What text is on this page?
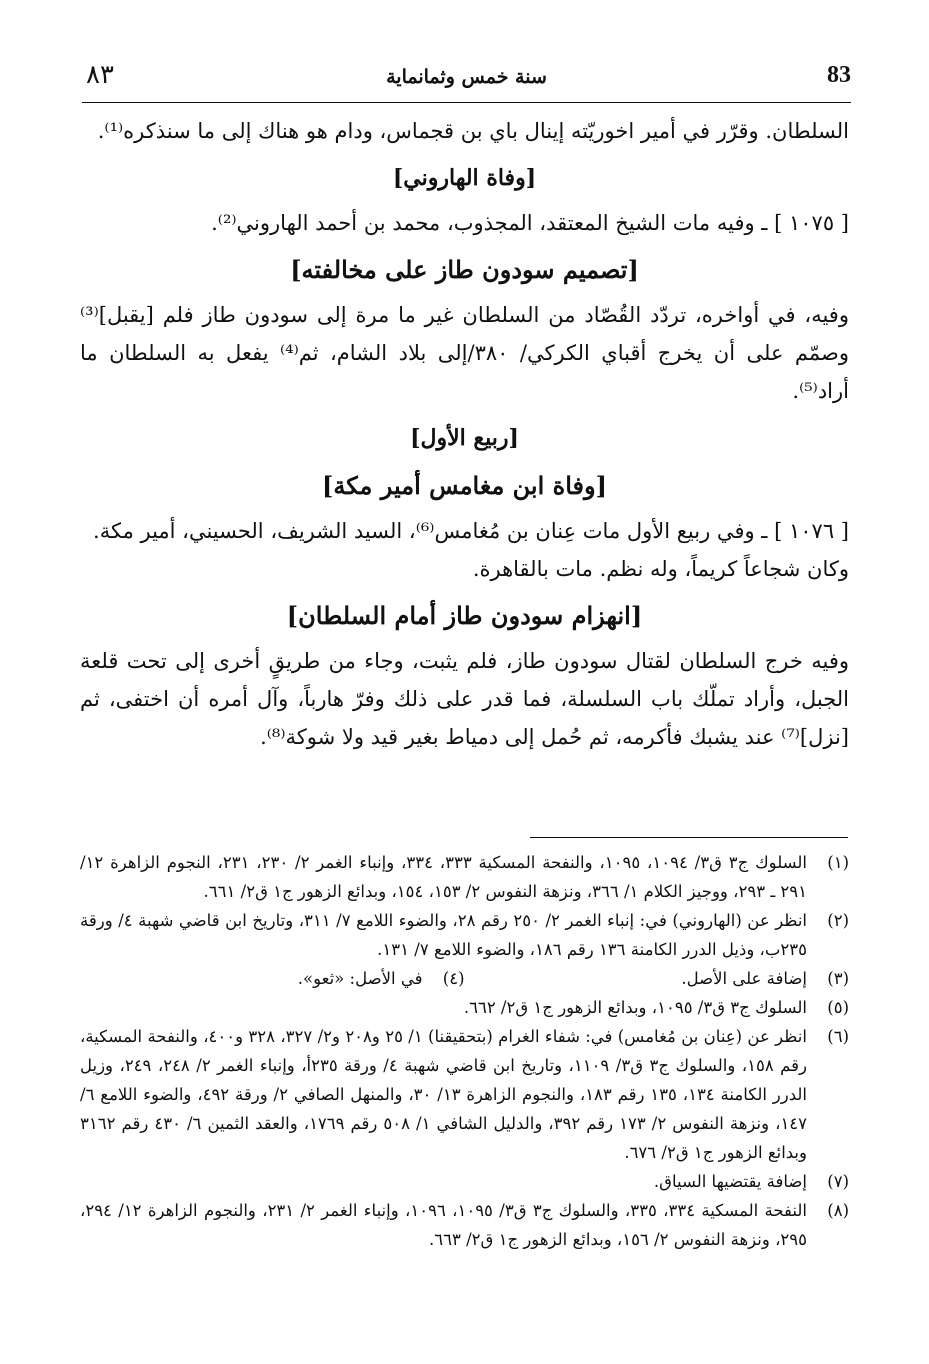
٨٣	سنة خمس وثمانماية	83

السلطان. وقرّر في أمير اخوريّته إينال باي بن قجماس، ودام هو هناك إلى ما سنذكره⁽¹⁾.

[وفاة الهاروني]

[ ١٠٧٥ ] ـ وفيه مات الشيخ المعتقد، المجذوب، محمد بن أحمد الهاروني⁽²⁾.

[تصميم سودون طاز على مخالفته]

وفيه، في أواخره، تردّد القُصّاد من السلطان غير ما مرة إلى سودون طاز فلم [يقبل]⁽³⁾ وصمّم على أن يخرج أقباي الكركي/ ٣٨٠/إلى بلاد الشام، ثم⁽⁴⁾ يفعل به السلطان ما أراد⁽⁵⁾.

[ربيع الأول]
[وفاة ابن مغامس أمير مكة]

[ ١٠٧٦ ] ـ وفي ربيع الأول مات عِنان بن مُغامس⁽⁶⁾، السيد الشريف، الحسيني، أمير مكة.

وكان شجاعاً كريماً، وله نظم. مات بالقاهرة.

[انهزام سودون طاز أمام السلطان]

وفيه خرج السلطان لقتال سودون طاز، فلم يثبت، وجاء من طريقٍ أخرى إلى تحت قلعة الجبل، وأراد تملّك باب السلسلة، فما قدر على ذلك وفرّ هارباً، وآل أمره أن اختفى، ثم [نزل]⁽⁷⁾ عند يشبك فأكرمه، ثم حُمل إلى دمياط بغير قيد ولا شوكة⁽⁸⁾.

(١)
السلوك ج٣ ق٣/ ١٠٩٤، ١٠٩٥، والنفحة المسكية ٣٣٣، ٣٣٤، وإنباء الغمر ٢/ ٢٣٠، ٢٣١، النجوم الزاهرة ١٢/ ٢٩١ ـ ٢٩٣، ووجيز الكلام ١/ ٣٦٦، ونزهة النفوس ٢/ ١٥٣، ١٥٤، وبدائع الزهور ج١ ق٢/ ٦٦١.
(٢)
انظر عن (الهاروني) في: إنباء الغمر ٢/ ٢٥٠ رقم ٢٨، والضوء اللامع ٧/ ٣١١، وتاريخ ابن قاضي شهبة ٤/ ورقة ٢٣٥ب، وذيل الدرر الكامنة ١٣٦ رقم ١٨٦، والضوء اللامع ٧/ ١٣١.
(٣)
إضافة على الأصل.
(٤)
في الأصل: «ثعو».
(٥)
السلوك ج٣ ق٣/ ١٠٩٥، وبدائع الزهور ج١ ق٢/ ٦٦٢.
(٦)
انظر عن (عِنان بن مُغامس) في: شفاء الغرام (بتحقيقنا) ١/ ٢٥ و٢٠٨ و٢/ ٣٢٧، ٣٢٨ و٤٠٠، والنفحة المسكية، رقم ١٥٨، والسلوك ج٣ ق٣/ ١١٠٩، وتاريخ ابن قاضي شهبة ٤/ ورقة ٢٣٥أ، وإنباء الغمر ٢/ ٢٤٨، ٢٤٩، وزيل الدرر الكامنة ١٣٤، ١٣٥ رقم ١٨٣، والنجوم الزاهرة ١٣/ ٣٠، والمنهل الصافي ٢/ ورقة ٤٩٢، والضوء اللامع ٦/ ١٤٧، ونزهة النفوس ٢/ ١٧٣ رقم ٣٩٢، والدليل الشافي ١/ ٥٠٨ رقم ١٧٦٩، والعقد الثمين ٦/ ٤٣٠ رقم ٣١٦٢ وبدائع الزهور ج١ ق٢/ ٦٧٦.
(٧)
إضافة يقتضيها السياق.
(٨)
النفحة المسكية ٣٣٤، ٣٣٥، والسلوك ج٣ ق٣/ ١٠٩٥، ١٠٩٦، وإنباء الغمر ٢/ ٢٣١، والنجوم الزاهرة ١٢/ ٢٩٤، ٢٩٥، ونزهة النفوس ٢/ ١٥٦، وبدائع الزهور ج١ ق٢/ ٦٦٣.
